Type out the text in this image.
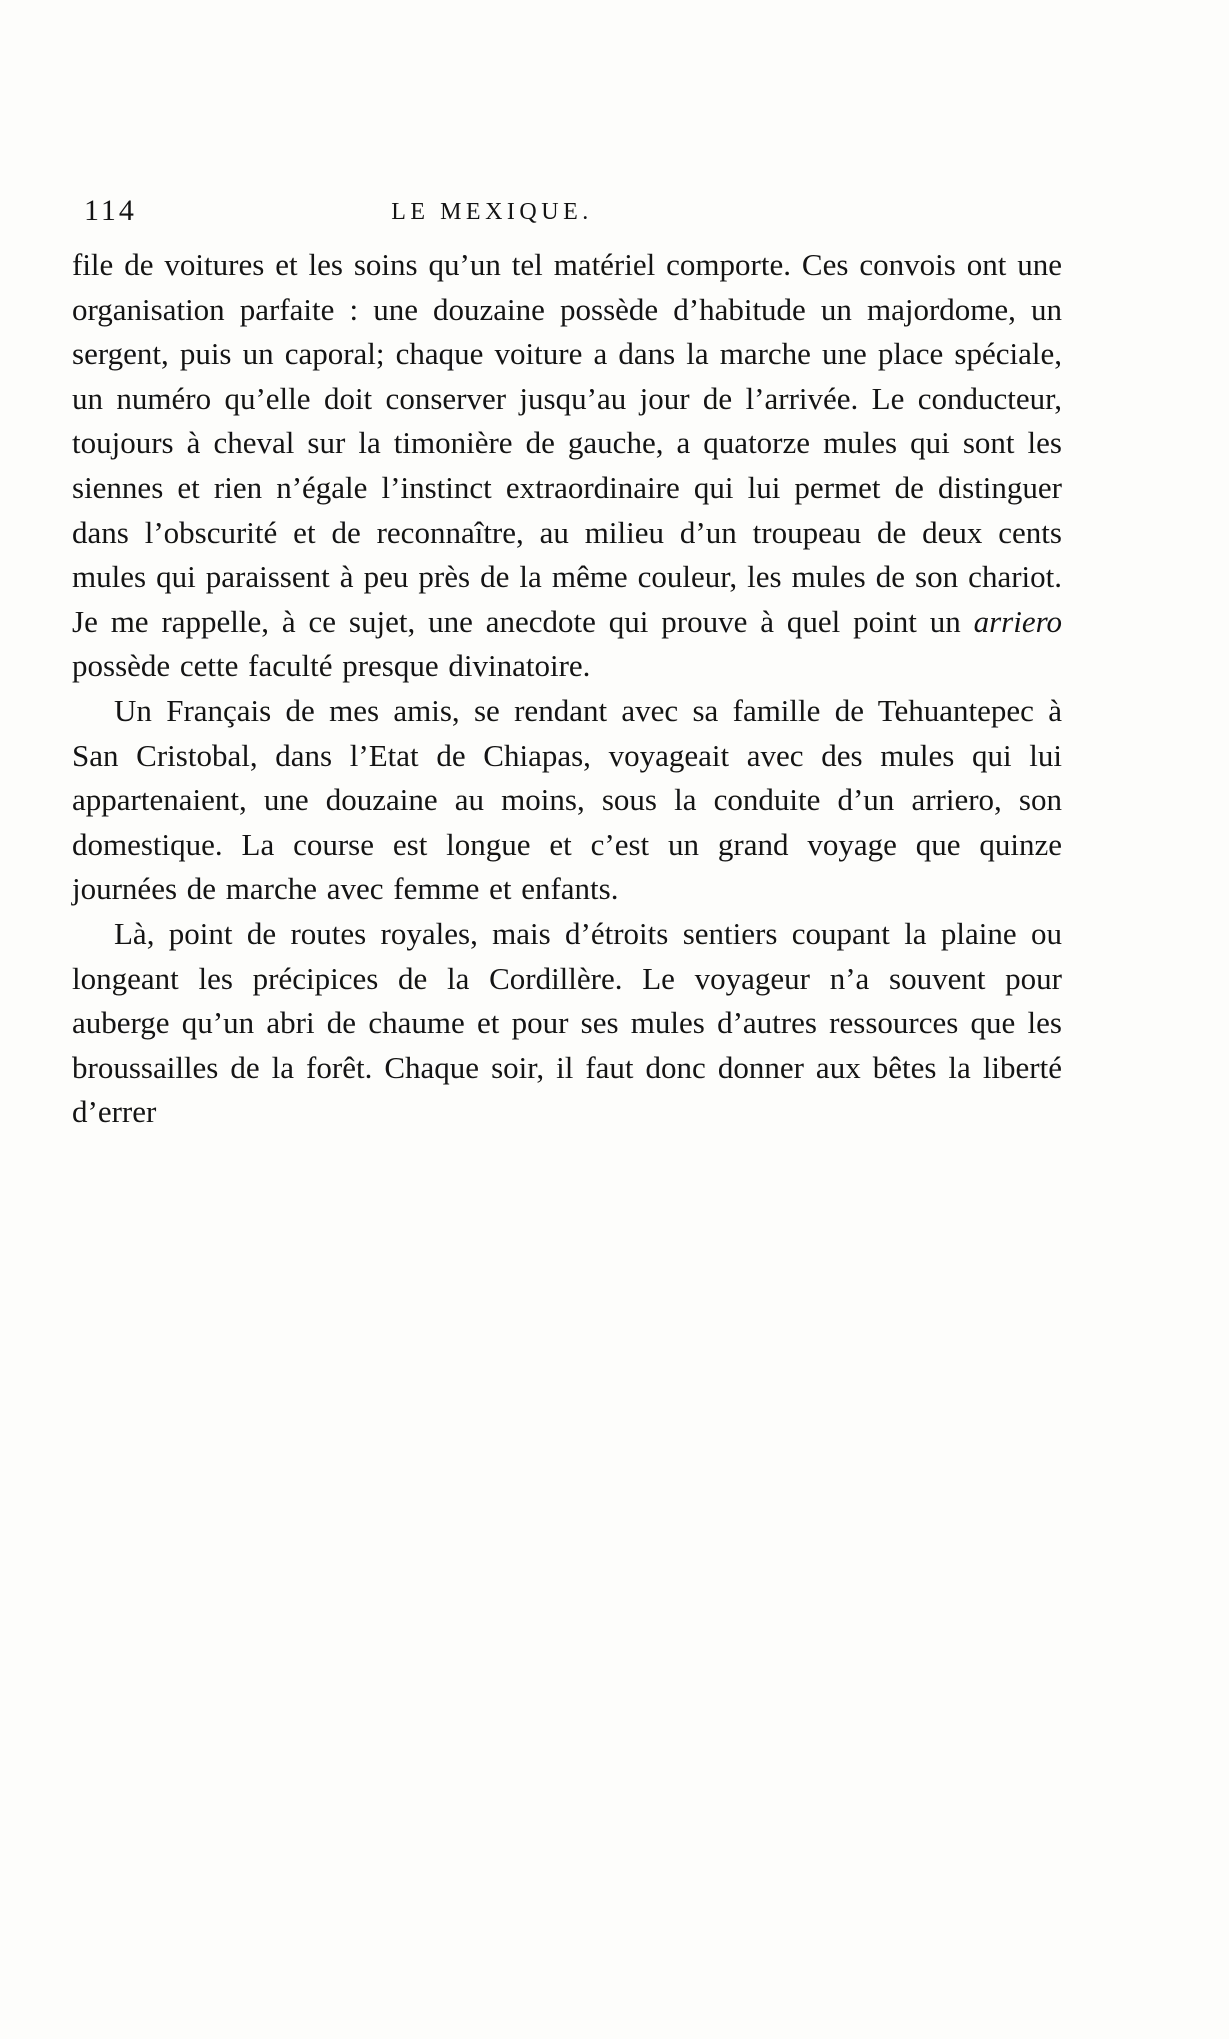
114	LE MEXIQUE.

file de voitures et les soins qu’un tel matériel comporte. Ces convois ont une organisation parfaite : une douzaine possède d’habitude un majordome, un sergent, puis un caporal; chaque voiture a dans la marche une place spéciale, un numéro qu’elle doit conserver jusqu’au jour de l’arrivée. Le conducteur, toujours à cheval sur la timonière de gauche, a quatorze mules qui sont les siennes et rien n’égale l’instinct extraordinaire qui lui permet de distinguer dans l’obscurité et de reconnaître, au milieu d’un troupeau de deux cents mules qui paraissent à peu près de la même couleur, les mules de son chariot. Je me rappelle, à ce sujet, une anecdote qui prouve à quel point un arriero possède cette faculté presque divinatoire.

Un Français de mes amis, se rendant avec sa famille de Tehuantepec à San Cristobal, dans l’Etat de Chiapas, voyageait avec des mules qui lui appartenaient, une douzaine au moins, sous la conduite d’un arriero, son domestique. La course est longue et c’est un grand voyage que quinze journées de marche avec femme et enfants.

Là, point de routes royales, mais d’étroits sentiers coupant la plaine ou longeant les précipices de la Cordillère. Le voyageur n’a souvent pour auberge qu’un abri de chaume et pour ses mules d’autres ressources que les broussailles de la forêt. Chaque soir, il faut donc donner aux bêtes la liberté d’errer
